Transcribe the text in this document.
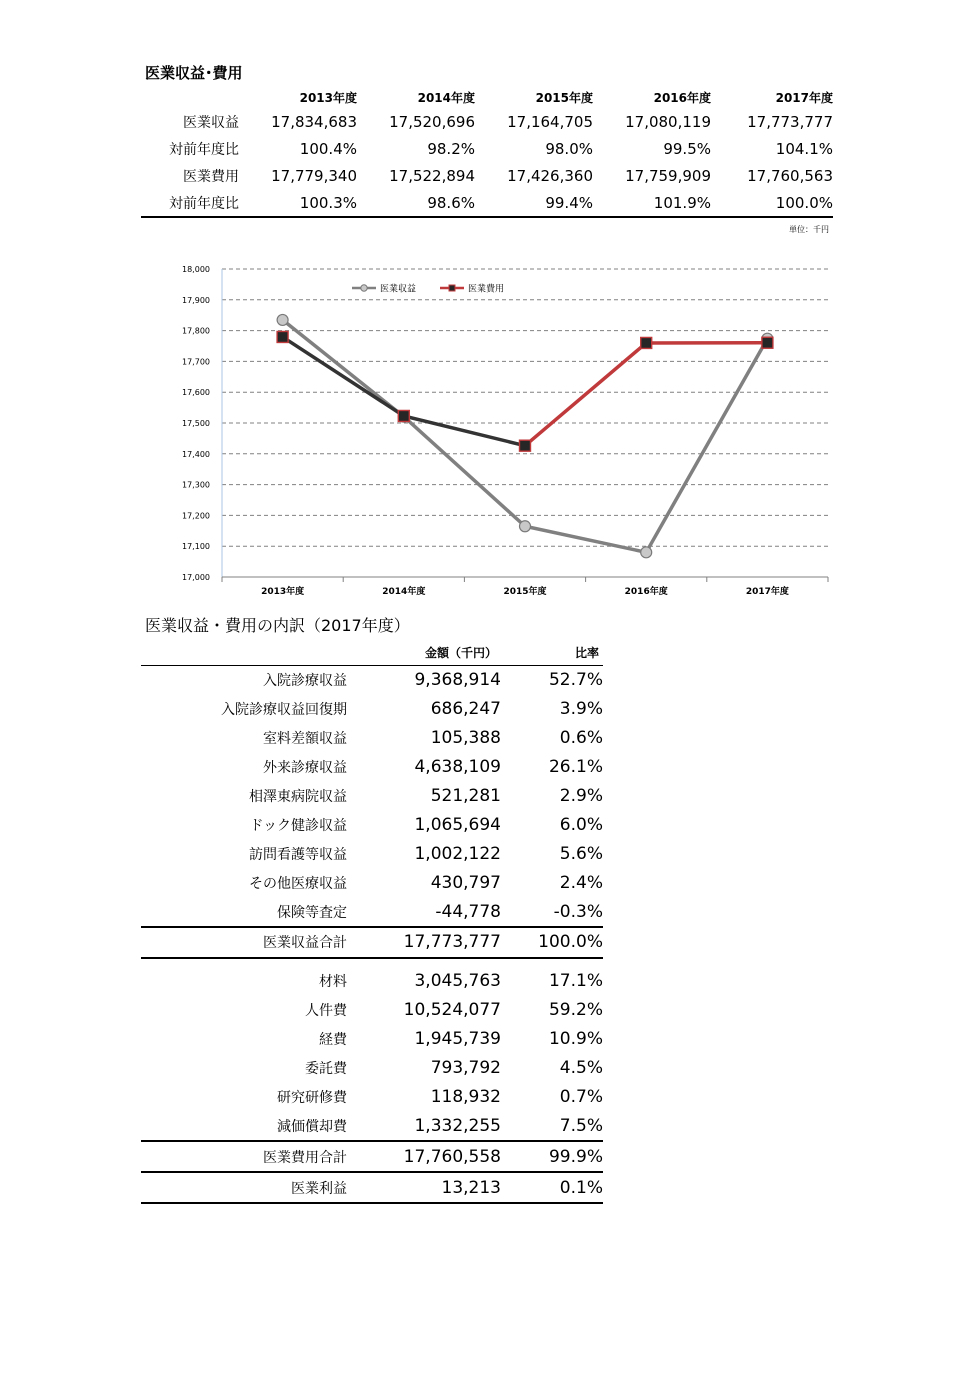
医業収益･費用
	2013年度	2014年度	2015年度	2016年度	2017年度
医業収益	17,834,683	17,520,696	17,164,705	17,080,119	17,773,777
対前年度比	100.4%	98.2%	98.0%	99.5%	104.1%
医業費用	17,779,340	17,522,894	17,426,360	17,759,909	17,760,563
対前年度比	100.3%	98.6%	99.4%	101.9%	100.0%
単位：千円
17,000
17,100
17,200
17,300
17,400
17,500
17,600
17,700
17,800
17,900
18,000
2013年度	2014年度	2015年度	2016年度	2017年度
医業収益	医業費用
医業収益・費用の内訳（2017年度）
	金額（千円）	比率
入院診療収益	9,368,914	52.7%
入院診療収益回復期	686,247	3.9%
室料差額収益	105,388	0.6%
外来診療収益	4,638,109	26.1%
相澤東病院収益	521,281	2.9%
ドック健診収益	1,065,694	6.0%
訪問看護等収益	1,002,122	5.6%
その他医療収益	430,797	2.4%
保険等査定	-44,778	-0.3%
医業収益合計	17,773,777	100.0%

材料	3,045,763	17.1%
人件費	10,524,077	59.2%
経費	1,945,739	10.9%
委託費	793,792	4.5%
研究研修費	118,932	0.7%
減価償却費	1,332,255	7.5%
医業費用合計	17,760,558	99.9%
医業利益	13,213	0.1%
